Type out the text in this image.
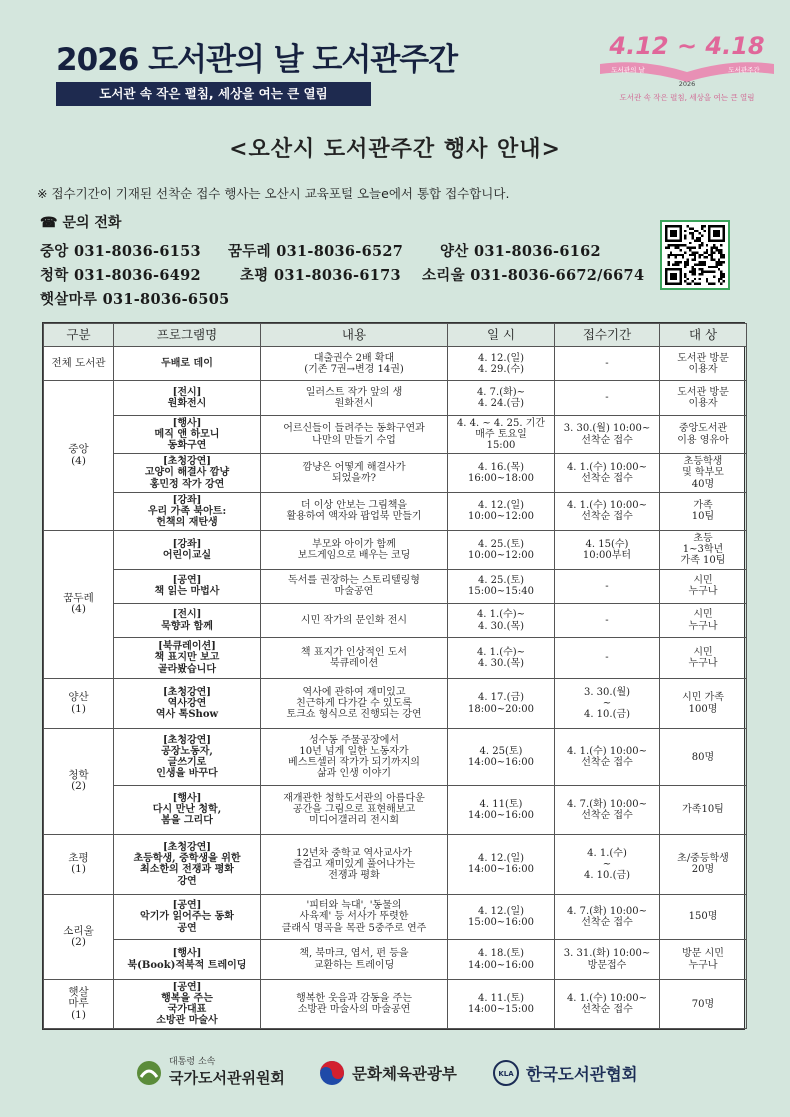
2026 도서관의 날 도서관주간
도서관 속 작은 펼침, 세상을 여는 큰 열림
4.12 ~ 4.18
도서관의 날	도서관주간
2026
도서관 속 작은 펼침, 세상을 여는 큰 열림
<오산시 도서관주간 행사 안내>
※ 접수기간이 기재된 선착순 접수 행사는 오산시 교육포털 오늘e에서 통합 접수합니다.
☎ 문의 전화
중앙 031-8036-6153 꿈두레 031-8036-6527	양산 031-8036-6162
청학 031-8036-6492	초평 031-8036-6173 소리울 031-8036-6672/6674
햇살마루 031-8036-6505
구분	프로그램명	내용	일 시	접수기간	대 상

전체 도서관	두배로 데이	대출권수 2배 확대
(기존 7권→변경 14권)	4. 12.(일)
4. 29.(수)	-	도서관 방문
이용자

중앙
(4)	[전시]
원화전시	일러스트 작가 앞의 생
원화전시	4. 7.(화)~
4. 24.(금)	-	도서관 방문
이용자

	[행사]
메직 앤 하모니
동화구연	어르신들이 들려주는 동화구연과
나만의 만들기 수업	4. 4. ~ 4. 25. 기간
매주 토요일
15:00	3. 30.(월) 10:00~
선착순 접수	중앙도서관
이용 영유아

	[초청강연]
고양이 해결사 깜냥
홍민정 작가 강연	깜냥은 어떻게 해결사가
되었을까?	4. 16.(목)
16:00~18:00	4. 1.(수) 10:00~
선착순 접수	초등학생
및 학부모
40명

	[강좌]
우리 가족 북아트:
헌책의 재탄생	더 이상 안보는 그림책을
활용하여 액자와 팝업북 만들기	4. 12.(일)
10:00~12:00	4. 1.(수) 10:00~
선착순 접수	가족
10팀

꿈두레
(4)	[강좌]
어린이교실	부모와 아이가 함께
보드게임으로 배우는 코딩	4. 25.(토)
10:00~12:00	4. 15(수)
10:00부터	초등
1~3학년
가족 10팀

	[공연]
책 읽는 마법사	독서를 권장하는 스토리텔링형
마술공연	4. 25.(토)
15:00~15:40	-	시민
누구나

	[전시]
묵향과 함께	시민 작가의 문인화 전시	4. 1.(수)~
4. 30.(목)	-	시민
누구나

	[북큐레이션]
책 표지만 보고
골라봤습니다	책 표지가 인상적인 도서
북큐레이션	4. 1.(수)~
4. 30.(목)	-	시민
누구나

양산
(1)	[초청강연]
역사강연
역사 톡Show	역사에 관하여 재미있고
친근하게 다가갈 수 있도록
토크쇼 형식으로 진행되는 강연	4. 17.(금)
18:00~20:00	3. 30.(월)
~
4. 10.(금)	시민 가족
100명

청학
(2)	[초청강연]
공장노동자,
글쓰기로
인생을 바꾸다	성수동 주물공장에서
10년 넘게 일한 노동자가
베스트셀러 작가가 되기까지의
삶과 인생 이야기	4. 25(토)
14:00~16:00	4. 1.(수) 10:00~
선착순 접수	80명

	[행사]
다시 만난 청학,
봄을 그리다	재개관한 청학도서관의 아름다운
공간을 그림으로 표현해보고
미디어갤러리 전시회	4. 11(토)
14:00~16:00	4. 7.(화) 10:00~
선착순 접수	가족10팀

초평
(1)	[초청강연]
초등학생, 중학생을 위한
최소한의 전쟁과 평화
강연	12년차 중학교 역사교사가
즐겁고 재미있게 풀어나가는
전쟁과 평화	4. 12.(일)
14:00~16:00	4. 1.(수)
~
4. 10.(금)	초/중등학생
20명

소리울
(2)	[공연]
악기가 읽어주는 동화
공연	'피터와 늑대', '동물의
사육제' 등 서사가 뚜렷한
클래식 명곡을 목관 5중주로 연주	4. 12.(일)
15:00~16:00	4. 7.(화) 10:00~
선착순 접수	150명

	[행사]
북(Book)적북적 트레이딩	책, 북마크, 엽서, 펀 등을
교환하는 트레이딩	4. 18.(토)
14:00~16:00	3. 31.(화) 10:00~
방문접수	방문 시민
누구나

햇살
마루
(1)	[공연]
행복을 주는
국가대표
소방관 마술사	행복한 웃음과 감동을 주는
소방관 마술사의 마술공연	4. 11.(토)
14:00~15:00	4. 1.(수) 10:00~
선착순 접수	70명
대통령 소속
국가도서관위원회	문화체육관광부	KLA 한국도서관협회
